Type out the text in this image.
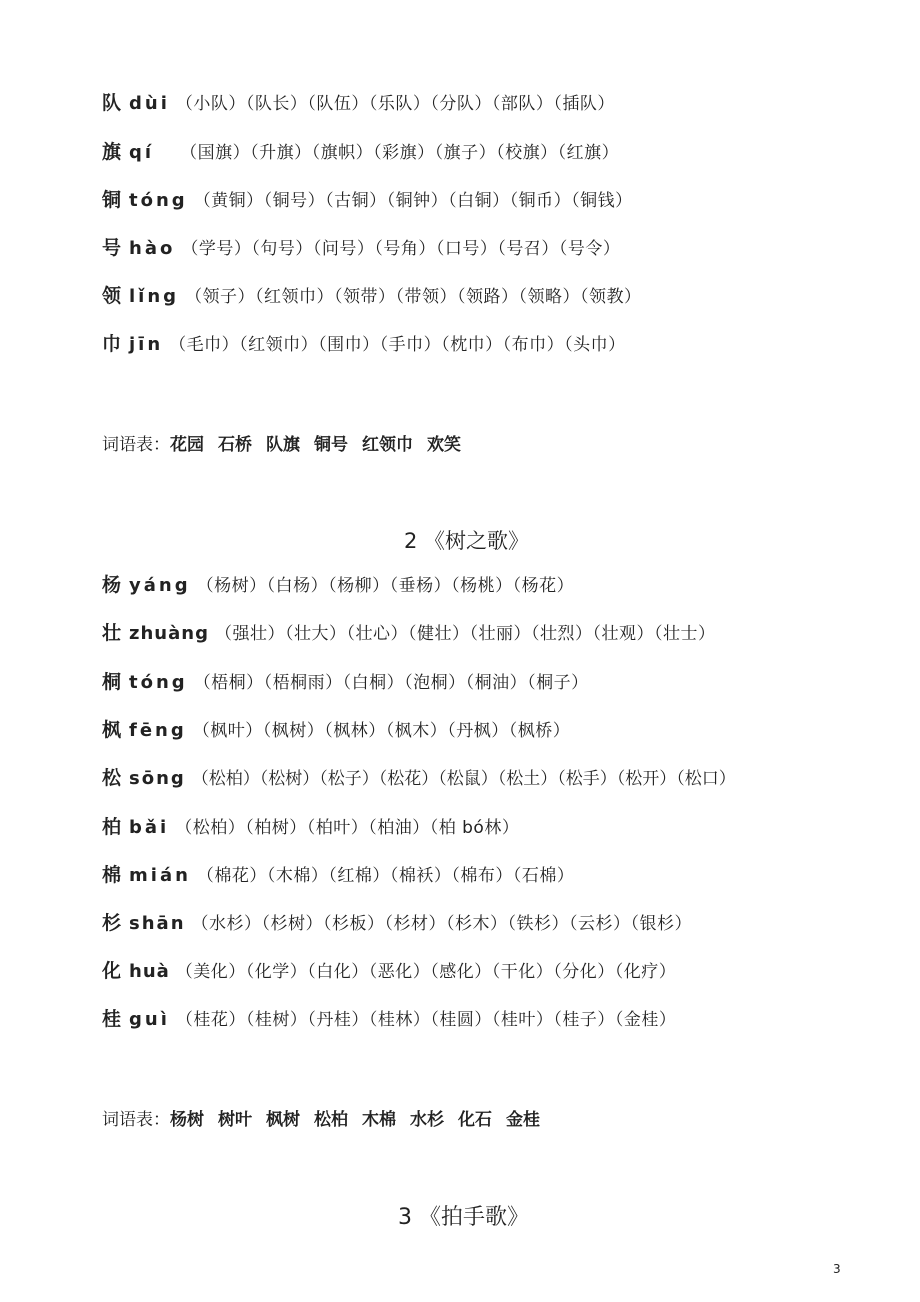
队 dùi （小队）（队长）（队伍）（乐队）（分队）（部队）（插队）
旗 qí （国旗）（升旗）（旗帜）（彩旗）（旗子）（校旗）（红旗）
铜 tóng （黄铜）（铜号）（古铜）（铜钟）（白铜）（铜币）（铜钱）
号 hào （学号）（句号）（问号）（号角）（口号）（号召）（号令）
领 lǐng （领子）（红领巾）（领带）（带领）（领路）（领略）（领教）
巾 jīn （毛巾）（红领巾）（围巾）（手巾）（枕巾）（布巾）（头巾）
词语表：花园 石桥 队旗 铜号 红领巾 欢笑
2 《树之歌》
杨 yáng （杨树）（白杨）（杨柳）（垂杨）（杨桃）（杨花）
壮 zhuàng （强壮）（壮大）（壮心）（健壮）（壮丽）（壮烈）（壮观）（壮士）
桐 tóng （梧桐）（梧桐雨）（白桐）（泡桐）（桐油）（桐子）
枫 fēng （枫叶）（枫树）（枫林）（枫木）（丹枫）（枫桥）
松 sōng （松柏）（松树）（松子）（松花）（松鼠）（松土）（松手）（松开）（松口）
柏 bǎi （松柏）（柏树）（柏叶）（柏油）（柏 bó林）
棉 mián （棉花）（木棉）（红棉）（棉袄）（棉布）（石棉）
杉 shān （水杉）（杉树）（杉板）（杉材）（杉木）（铁杉）（云杉）（银杉）
化 huà （美化）（化学）（白化）（恶化）（感化）（干化）（分化）（化疗）
桂 guì （桂花）（桂树）（丹桂）（桂林）（桂圆）（桂叶）（桂子）（金桂）
词语表：杨树 树叶 枫树 松柏 木棉 水杉 化石 金桂
3 《拍手歌》
3
